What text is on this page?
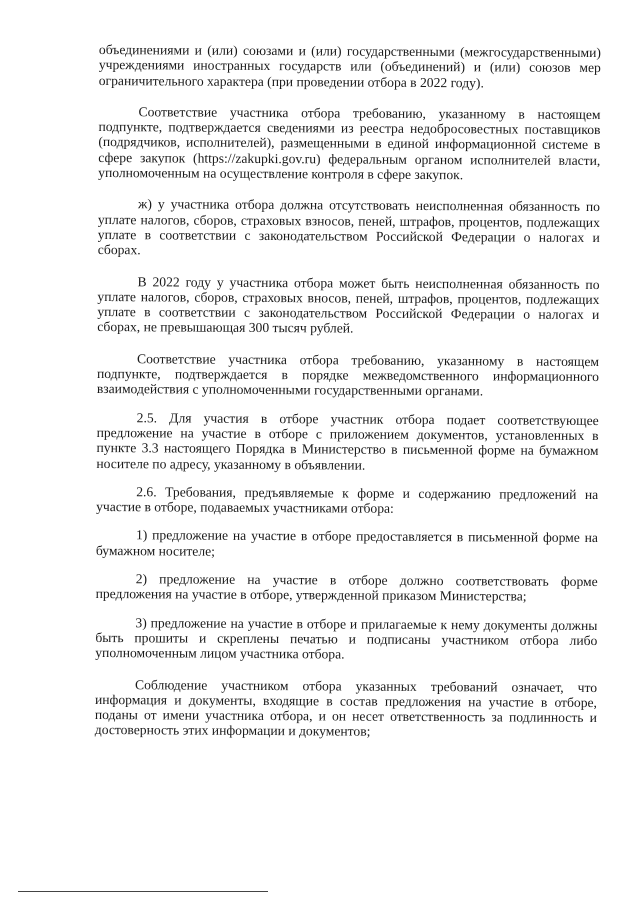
объединениями и (или) союзами и (или) государственными (межгосударственными) учреждениями иностранных государств или (объединений) и (или) союзов мер ограничительного характера (при проведении отбора в 2022 году).

Соответствие участника отбора требованию, указанному в настоящем подпункте, подтверждается сведениями из реестра недобросовестных поставщиков (подрядчиков, исполнителей), размещенными в единой информационной системе в сфере закупок (https://zakupki.gov.ru) федеральным органом исполнителей власти, уполномоченным на осуществление контроля в сфере закупок.

ж) у участника отбора должна отсутствовать неисполненная обязанность по уплате налогов, сборов, страховых взносов, пеней, штрафов, процентов, подлежащих уплате в соответствии с законодательством Российской Федерации о налогах и сборах.

В 2022 году у участника отбора может быть неисполненная обязанность по уплате налогов, сборов, страховых вносов, пеней, штрафов, процентов, подлежащих уплате в соответствии с законодательством Российской Федерации о налогах и сборах, не превышающая 300 тысяч рублей.

Соответствие участника отбора требованию, указанному в настоящем подпункте, подтверждается в порядке межведомственного информационного взаимодействия с уполномоченными государственными органами.

2.5. Для участия в отборе участник отбора подает соответствующее предложение на участие в отборе с приложением документов, установленных в пункте 3.3 настоящего Порядка в Министерство в письменной форме на бумажном носителе по адресу, указанному в объявлении.

2.6. Требования, предъявляемые к форме и содержанию предложений на участие в отборе, подаваемых участниками отбора:

1) предложение на участие в отборе предоставляется в письменной форме на бумажном носителе;

2) предложение на участие в отборе должно соответствовать форме предложения на участие в отборе, утвержденной приказом Министерства;

3) предложение на участие в отборе и прилагаемые к нему документы должны быть прошиты и скреплены печатью и подписаны участником отбора либо уполномоченным лицом участника отбора.

Соблюдение участником отбора указанных требований означает, что информация и документы, входящие в состав предложения на участие в отборе, поданы от имени участника отбора, и он несет ответственность за подлинность и достоверность этих информации и документов;
